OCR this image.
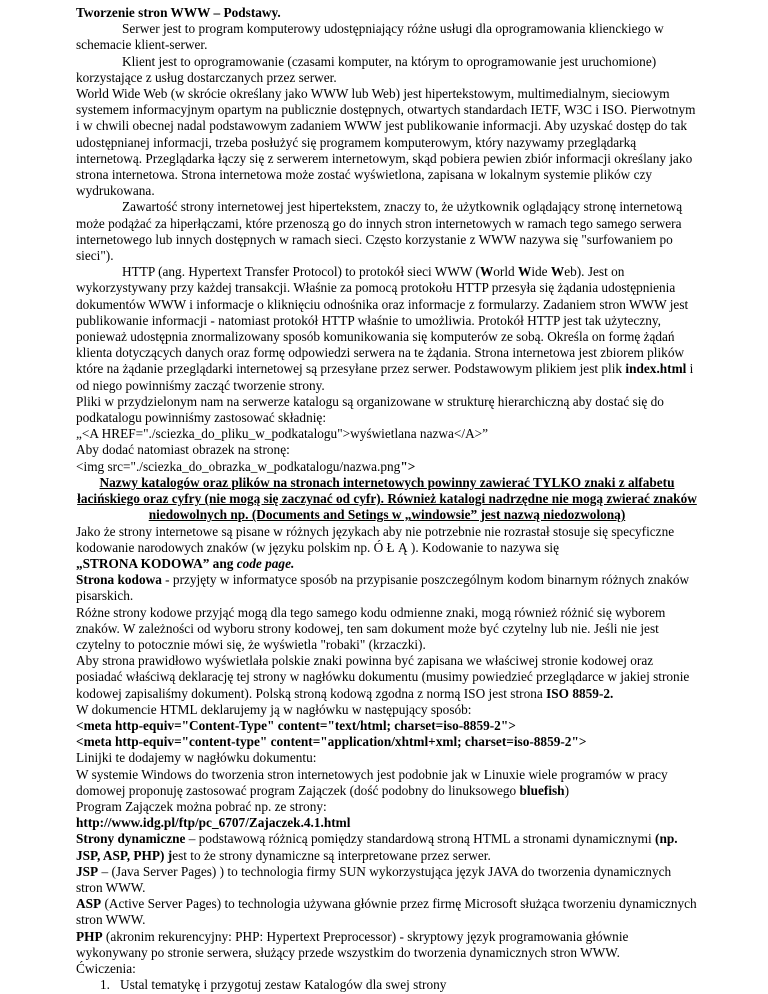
Tworzenie stron WWW – Podstawy.

Serwer jest to program komputerowy udostępniający różne usługi dla oprogramowania klienckiego w schemacie klient-serwer.

Klient jest to oprogramowanie (czasami komputer, na którym to oprogramowanie jest uruchomione) korzystające z usług dostarczanych przez serwer.

World Wide Web (w skrócie określany jako WWW lub Web) jest hipertekstowym, multimedialnym, sieciowym systemem informacyjnym opartym na publicznie dostępnych, otwartych standardach IETF, W3C i ISO. Pierwotnym i w chwili obecnej nadal podstawowym zadaniem WWW jest publikowanie informacji. Aby uzyskać dostęp do tak udostępnianej informacji, trzeba posłużyć się programem komputerowym, który nazywamy przeglądarką internetową. Przeglądarka łączy się z serwerem internetowym, skąd pobiera pewien zbiór informacji określany jako strona internetowa. Strona internetowa może zostać wyświetlona, zapisana w lokalnym systemie plików czy wydrukowana.

Zawartość strony internetowej jest hipertekstem, znaczy to, że użytkownik oglądający stronę internetową może podążać za hiperłączami, które przenoszą go do innych stron internetowych w ramach tego samego serwera internetowego lub innych dostępnych w ramach sieci. Często korzystanie z WWW nazywa się "surfowaniem po sieci").

HTTP (ang. Hypertext Transfer Protocol) to protokół sieci WWW (World Wide Web). Jest on wykorzystywany przy każdej transakcji. Właśnie za pomocą protokołu HTTP przesyła się żądania udostępnienia dokumentów WWW i informacje o kliknięciu odnośnika oraz informacje z formularzy. Zadaniem stron WWW jest publikowanie informacji - natomiast protokół HTTP właśnie to umożliwia. Protokół HTTP jest tak użyteczny, ponieważ udostępnia znormalizowany sposób komunikowania się komputerów ze sobą. Określa on formę żądań klienta dotyczących danych oraz formę odpowiedzi serwera na te żądania. Strona internetowa jest zbiorem plików które na żądanie przeglądarki internetowej są przesyłane przez serwer. Podstawowym plikiem jest plik index.html i od niego powinniśmy zacząć tworzenie strony.

Pliki w przydzielonym nam na serwerze katalogu są organizowane w strukturę hierarchiczną aby dostać się do podkatalogu powinniśmy zastosować składnię:

„<A HREF="./sciezka_do_pliku_w_podkatalogu">wyświetlana nazwa</A>”

Aby dodać natomiast obrazek na stronę:

<img src="./sciezka_do_obrazka_w_podkatalogu/nazwa.png">

Nazwy katalogów oraz plików na stronach internetowych powinny zawierać TYLKO znaki z alfabetu łacińskiego oraz cyfry (nie mogą się zaczynać od cyfr). Również katalogi nadrzędne nie mogą zwierać znaków niedowolnych np. (Documents and Setings w „windowsie” jest nazwą niedozwoloną)

Jako że strony internetowe są pisane w różnych językach aby nie potrzebnie nie rozrastał stosuje się specyficzne kodowanie narodowych znaków (w języku polskim np. Ó Ł Ą ). Kodowanie to nazywa się

„STRONA KODOWA” ang code page.

Strona kodowa - przyjęty w informatyce sposób na przypisanie poszczególnym kodom binarnym różnych znaków pisarskich.

Różne strony kodowe przyjąć mogą dla tego samego kodu odmienne znaki, mogą również różnić się wyborem znaków. W zależności od wyboru strony kodowej, ten sam dokument może być czytelny lub nie. Jeśli nie jest czytelny to potocznie mówi się, że wyświetla "robaki" (krzaczki).

Aby strona prawidłowo wyświetlała polskie znaki powinna być zapisana we właściwej stronie kodowej oraz posiadać właściwą deklarację tej strony w nagłówku dokumentu (musimy powiedzieć przeglądarce w jakiej stronie kodowej zapisaliśmy dokument). Polską stroną kodową zgodna z normą ISO jest strona ISO 8859-2.

W dokumencie HTML deklarujemy ją w nagłówku w następujący sposób:

<meta http-equiv="Content-Type" content="text/html; charset=iso-8859-2">

<meta http-equiv="content-type" content="application/xhtml+xml; charset=iso-8859-2">

Linijki te dodajemy w nagłówku dokumentu:

W systemie Windows do tworzenia stron internetowych jest podobnie jak w Linuxie wiele programów w pracy domowej proponuję zastosować program Zajączek (dość podobny do linuksowego bluefish)

Program Zajączek można pobrać np. ze strony:

http://www.idg.pl/ftp/pc_6707/Zajaczek.4.1.html

Strony dynamiczne – podstawową różnicą pomiędzy standardową stroną HTML a stronami dynamicznymi (np. JSP, ASP, PHP) jest to że strony dynamiczne są interpretowane przez serwer.

JSP – (Java Server Pages) ) to technologia firmy SUN wykorzystująca język JAVA do tworzenia dynamicznych stron WWW.

ASP (Active Server Pages) to technologia używana głównie przez firmę Microsoft służąca tworzeniu dynamicznych stron WWW.

PHP (akronim rekurencyjny: PHP: Hypertext Preprocessor) - skryptowy język programowania głównie wykonywany po stronie serwera, służący przede wszystkim do tworzenia dynamicznych stron WWW.

Ćwiczenia:

1. Ustal tematykę i przygotuj zestaw Katalogów dla swej strony
